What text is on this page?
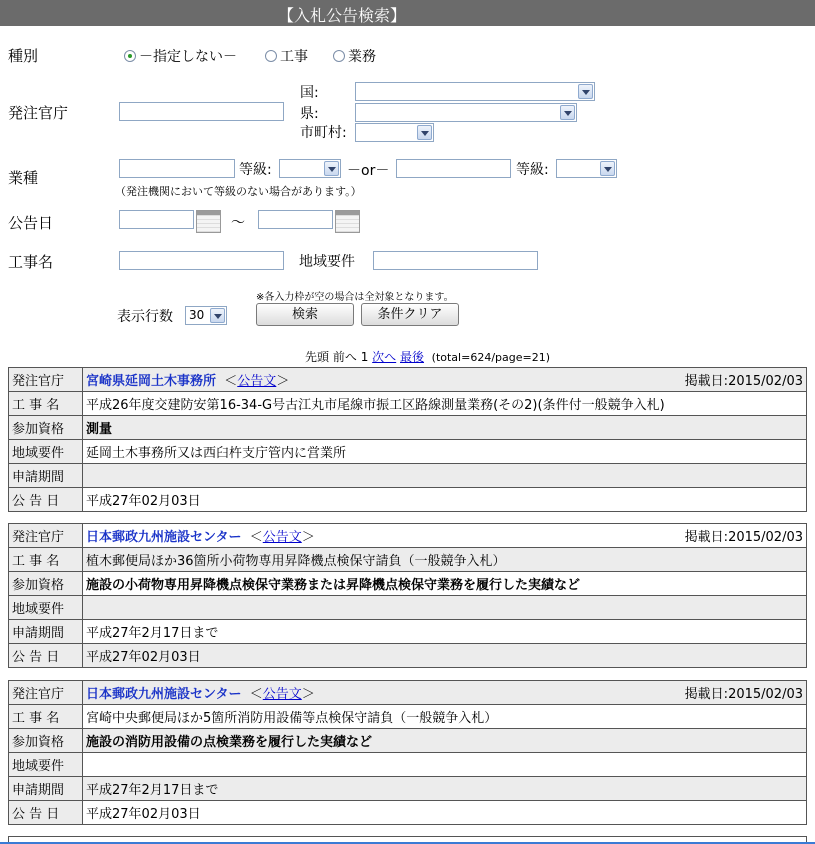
【入札公告検索】
種別	－指定しない－	工事	業務
発注官庁
国:
県:
市町村:
業種	等級:	－or－	等級:
（発注機関において等級のない場合があります。）
公告日	～
工事名	地域要件
※各入力枠が空の場合は全対象となります。
表示行数 30	検索	条件クリア
先頭 前へ 1 次へ 最後 (total=624/page=21)
発注官庁	宮崎県延岡土木事務所  ＜公告文＞ 掲載日:2015/02/03

工 事 名	平成26年度交建防安第16-34-G号古江丸市尾線市振工区路線測量業務(その2)(条件付一般競争入札)
参加資格	測量
地域要件	延岡土木事務所又は西臼杵支庁管内に営業所
申請期間	
公 告 日	平成27年02月03日
発注官庁	日本郵政九州施設センター  ＜公告文＞ 掲載日:2015/02/03

工 事 名	植木郵便局ほか36箇所小荷物専用昇降機点検保守請負（一般競争入札）
参加資格	施設の小荷物専用昇降機点検保守業務または昇降機点検保守業務を履行した実績など
地域要件	
申請期間	平成27年2月17日まで
公 告 日	平成27年02月03日
発注官庁	日本郵政九州施設センター  ＜公告文＞ 掲載日:2015/02/03

工 事 名	宮崎中央郵便局ほか5箇所消防用設備等点検保守請負（一般競争入札）
参加資格	施設の消防用設備の点検業務を履行した実績など
地域要件	
申請期間	平成27年2月17日まで
公 告 日	平成27年02月03日
